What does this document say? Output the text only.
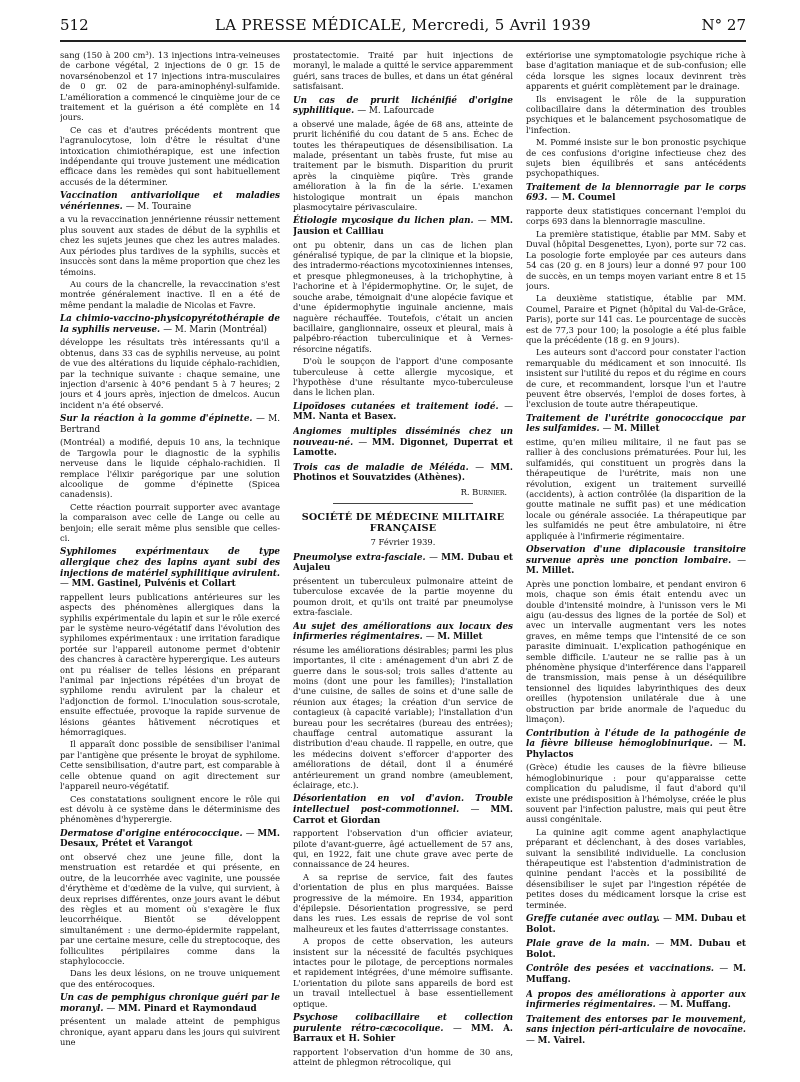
512	LA PRESSE MÉDICALE, Mercredi, 5 Avril 1939	N° 27

sang (150 à 200 cm³). 13 injections intra-veineuses de carbone végétal, 2 injections de 0 gr. 15 de novarsénobenzol et 17 injections intra-musculaires de 0 gr. 02 de para-aminophényl-sulfamide. L'amélioration a commencé le cinquième jour de ce traitement et la guérison a été complète en 14 jours.

Ce cas et d'autres précédents montrent que l'agranulocytose, loin d'être le résultat d'une intoxication chimiothérapique, est une infection indépendante qui trouve justement une médication efficace dans les remèdes qui sont habituellement accusés de la déterminer.

Vaccination antivariolique et maladies vénériennes. — M. Touraine

a vu la revaccination jennérienne réussir nettement plus souvent aux stades de début de la syphilis et chez les sujets jeunes que chez les autres malades. Aux périodes plus tardives de la syphilis, succès et insuccès sont dans la même proportion que chez les témoins.

Au cours de la chancrelle, la revaccination s'est montrée généralement inactive. Il en a été de même pendant la maladie de Nicolas et Favre.

La chimio-vaccino-physicopyrétothérapie de la syphilis nerveuse. — M. Marin (Montréal)

développe les résultats très intéressants qu'il a obtenus, dans 33 cas de syphilis nerveuse, au point de vue des altérations du liquide céphalo-rachidien, par la technique suivante : chaque semaine, une injection d'arsenic à 40°6 pendant 5 à 7 heures; 2 jours et 4 jours après, injection de dmelcos. Aucun incident n'a été observé.

Sur la réaction à la gomme d'épinette. — M. Bertrand

(Montréal) a modifié, depuis 10 ans, la technique de Targowla pour le diagnostic de la syphilis nerveuse dans le liquide céphalo-rachidien. Il remplace l'élixir parégorique par une solution alcoolique de gomme d'épinette (Spicea canadensis).

Cette réaction pourrait supporter avec avantage la comparaison avec celle de Lange ou celle au benjoin; elle serait même plus sensible que celles-ci.

Syphilomes expérimentaux de type allergique chez des lapins ayant subi des injections de matériel syphilitique avirulent. — MM. Gastinel, Pulvénis et Collart

rappellent leurs publications antérieures sur les aspects des phénomènes allergiques dans la syphilis expérimentale du lapin et sur le rôle exercé par le système neuro-végétatif dans l'évolution des syphilomes expérimentaux : une irritation faradique portée sur l'appareil autonome permet d'obtenir des chancres à caractère hyperergique. Les auteurs ont pu réaliser de telles lésions en préparant l'animal par injections répétées d'un broyat de syphilome rendu avirulent par la chaleur et l'adjonction de formol. L'inoculation sous-scrotale, ensuite effectuée, provoque la rapide survenue de lésions géantes hâtivement nécrotiques et hémorragiques.

Il apparaît donc possible de sensibiliser l'animal par l'antigène que présente le broyat de syphilome. Cette sensibilisation, d'autre part, est comparable à celle obtenue quand on agit directement sur l'appareil neuro-végétatif.

Ces constatations soulignent encore le rôle qui est dévolu à ce système dans le déterminisme des phénomènes d'hyperergie.

Dermatose d'origine entérococcique. — MM. Desaux, Prétet et Varangot

ont observé chez une jeune fille, dont la menstruation est retardée et qui présente, en outre, de la leucorrhée avec vaginite, une poussée d'érythème et d'œdème de la vulve, qui survient, à deux reprises différentes, onze jours avant le début des règles et au moment où s'exagère le flux leucorrhéique. Bientôt se développent simultanément : une dermo-épidermite rappelant, par une certaine mesure, celle du streptocoque, des folliculites péripilaires comme dans la staphylococcie.

Dans les deux lésions, on ne trouve uniquement que des entérocoques.

Un cas de pemphigus chronique guéri par le moranyl. — MM. Pinard et Raymondaud

présentent un malade atteint de pemphigus chronique, ayant apparu dans les jours qui suivirent une

prostatectomie. Traité par huit injections de moranyl, le malade a quitté le service apparemment guéri, sans traces de bulles, et dans un état général satisfaisant.

Un cas de prurit lichénifié d'origine syphilitique. — M. Lafourcade

a observé une malade, âgée de 68 ans, atteinte de prurit lichénifié du cou datant de 5 ans. Échec de toutes les thérapeutiques de désensibilisation. La malade, présentant un tabès fruste, fut mise au traitement par le bismuth. Disparition du prurit après la cinquième piqûre. Très grande amélioration à la fin de la série. L'examen histologique montrait un épais manchon plasmocytaire périvasculaire.

Étiologie mycosique du lichen plan. — MM. Jausion et Cailliau

ont pu obtenir, dans un cas de lichen plan généralisé typique, de par la clinique et la biopsie, des intradermo-réactions mycotoxiniennes intenses, et presque phlegmoneuses, à la trichophytine, à l'achorine et à l'épidermophytine. Or, le sujet, de souche arabe, témoignait d'une alopécie favique et d'une épidermophytie inguinale ancienne, mais naguère réchauffée. Toutefois, c'était un ancien bacillaire, ganglionnaire, osseux et pleural, mais à palpébro-réaction tuberculinique et à Vernes-résorcine négatifs.

D'où le soupçon de l'apport d'une composante tuberculeuse à cette allergie mycosique, et l'hypothèse d'une résultante myco-tuberculeuse dans le lichen plan.

Lipoïdoses cutanées et traitement iodé. — MM. Nanta et Basex.

Angiomes multiples disséminés chez un nouveau-né. — MM. Digonnet, Duperrat et Lamotte.

Trois cas de maladie de Méléda. — MM. Photinos et Souvatzides (Athènes).

R. Burnier.
SOCIÉTÉ DE MÉDECINE MILITAIRE FRANÇAISE
7 Février 1939.

Pneumolyse extra-fasciale. — MM. Dubau et Aujaleu

présentent un tuberculeux pulmonaire atteint de tuberculose excavée de la partie moyenne du poumon droit, et qu'ils ont traité par pneumolyse extra-fasciale.

Au sujet des améliorations aux locaux des infirmeries régimentaires. — M. Millet

résume les améliorations désirables; parmi les plus importantes, il cite : aménagement d'un abri Z de guerre dans le sous-sol; trois salles d'attente au moins (dont une pour les familles); l'installation d'une cuisine, de salles de soins et d'une salle de réunion aux étages; la création d'un service de contagieux (à capacité variable); l'installation d'un bureau pour les secrétaires (bureau des entrées); chauffage central automatique assurant la distribution d'eau chaude. Il rappelle, en outre, que les médecins doivent s'efforcer d'apporter des améliorations de détail, dont il a énuméré antérieurement un grand nombre (ameublement, éclairage, etc.).

Désorientation en vol d'avion. Trouble intellectuel post-commotionnel. — MM. Carrot et Giordan

rapportent l'observation d'un officier aviateur, pilote d'avant-guerre, âgé actuellement de 57 ans, qui, en 1922, fait une chute grave avec perte de connaissance de 24 heures.

A sa reprise de service, fait des fautes d'orientation de plus en plus marquées. Baisse progressive de la mémoire. En 1934, apparition d'épilepsie. Désorientation progressive, se perd dans les rues. Les essais de reprise de vol sont malheureux et les fautes d'atterrissage constantes.

A propos de cette observation, les auteurs insistent sur la nécessité de facultés psychiques intactes pour le pilotage, de perceptions normales et rapidement intégrées, d'une mémoire suffisante. L'orientation du pilote sans appareils de bord est un travail intellectuel à base essentiellement optique.

Psychose colibacillaire et collection purulente rétro-cæcocolique. — MM. A. Barraux et H. Sohier

rapportent l'observation d'un homme de 30 ans, atteint de phlegmon rétrocolique, qui

extériorise une symptomatologie psychique riche à base d'agitation maniaque et de sub-confusion; elle céda lorsque les signes locaux devinrent très apparents et guérit complètement par le drainage.

Ils envisagent le rôle de la suppuration colibacillaire dans la détermination des troubles psychiques et le balancement psychosomatique de l'infection.

M. Pommé insiste sur le bon pronostic psychique de ces confusions d'origine infectieuse chez des sujets bien équilibrés et sans antécédents psychopathiques.

Traitement de la blennorragie par le corps 693. — M. Coumel

rapporte deux statistiques concernant l'emploi du corps 693 dans la blennorragie masculine.

La première statistique, établie par MM. Saby et Duval (hôpital Desgenettes, Lyon), porte sur 72 cas. La posologie forte employée par ces auteurs dans 54 cas (20 g. en 8 jours) leur a donné 97 pour 100 de succès, en un temps moyen variant entre 8 et 15 jours.

La deuxième statistique, établie par MM. Coumel, Paraire et Pignet (hôpital du Val-de-Grâce, Paris), porte sur 141 cas. Le pourcentage de succès est de 77,3 pour 100; la posologie a été plus faible que la précédente (18 g. en 9 jours).

Les auteurs sont d'accord pour constater l'action remarquable du médicament et son innocuité. Ils insistent sur l'utilité du repos et du régime en cours de cure, et recommandent, lorsque l'un et l'autre peuvent être observés, l'emploi de doses fortes, à l'exclusion de toute autre thérapeutique.

Traitement de l'urétrite gonococcique par les sulfamides. — M. Millet

estime, qu'en milieu militaire, il ne faut pas se rallier à des conclusions prématurées. Pour lui, les sulfamidés, qui constituent un progrès dans la thérapeutique de l'urétrite, mais non une révolution, exigent un traitement surveillé (accidents), à action contrôlée (la disparition de la goutte matinale ne suffit pas) et une médication locale ou générale associée. La thérapeutique par les sulfamidés ne peut être ambulatoire, ni être appliquée à l'infirmerie régimentaire.

Observation d'une diplacousie transitoire survenue après une ponction lombaire. — M. Millet.

Après une ponction lombaire, et pendant environ 6 mois, chaque son émis était entendu avec un double d'intensité moindre, à l'unisson vers le Mi aigu (au-dessus des lignes de la portée de Sol) et avec un intervalle augmentant vers les notes graves, en même temps que l'intensité de ce son parasite diminuait. L'explication pathogénique en semble difficile. L'auteur ne se rallie pas à un phénomène physique d'interférence dans l'appareil de transmission, mais pense à un déséquilibre tensionnel des liquides labyrinthiques des deux oreilles (hypotension unilatérale due à une obstruction par bride anormale de l'aqueduc du limaçon).

Contribution à l'étude de la pathogénie de la fièvre bilieuse hémoglobinurique. — M. Phylactos

(Grèce) étudie les causes de la fièvre bilieuse hémoglobinurique : pour qu'apparaisse cette complication du paludisme, il faut d'abord qu'il existe une prédisposition à l'hémolyse, créée le plus souvent par l'infection palustre, mais qui peut être aussi congénitale.

La quinine agit comme agent anaphylactique préparant et déclenchant, à des doses variables, suivant la sensibilité individuelle. La conclusion thérapeutique est l'abstention d'administration de quinine pendant l'accès et la possibilité de désensibiliser le sujet par l'ingestion répétée de petites doses du médicament lorsque la crise est terminée.

Greffe cutanée avec outlay. — MM. Dubau et Bolot.

Plaie grave de la main. — MM. Dubau et Bolot.

Contrôle des pesées et vaccinations. — M. Muffang.

A propos des améliorations à apporter aux infirmeries régimentaires. — M. Muffang.

Traitement des entorses par le mouvement, sans injection péri-articulaire de novocaïne. — M. Vairel.
